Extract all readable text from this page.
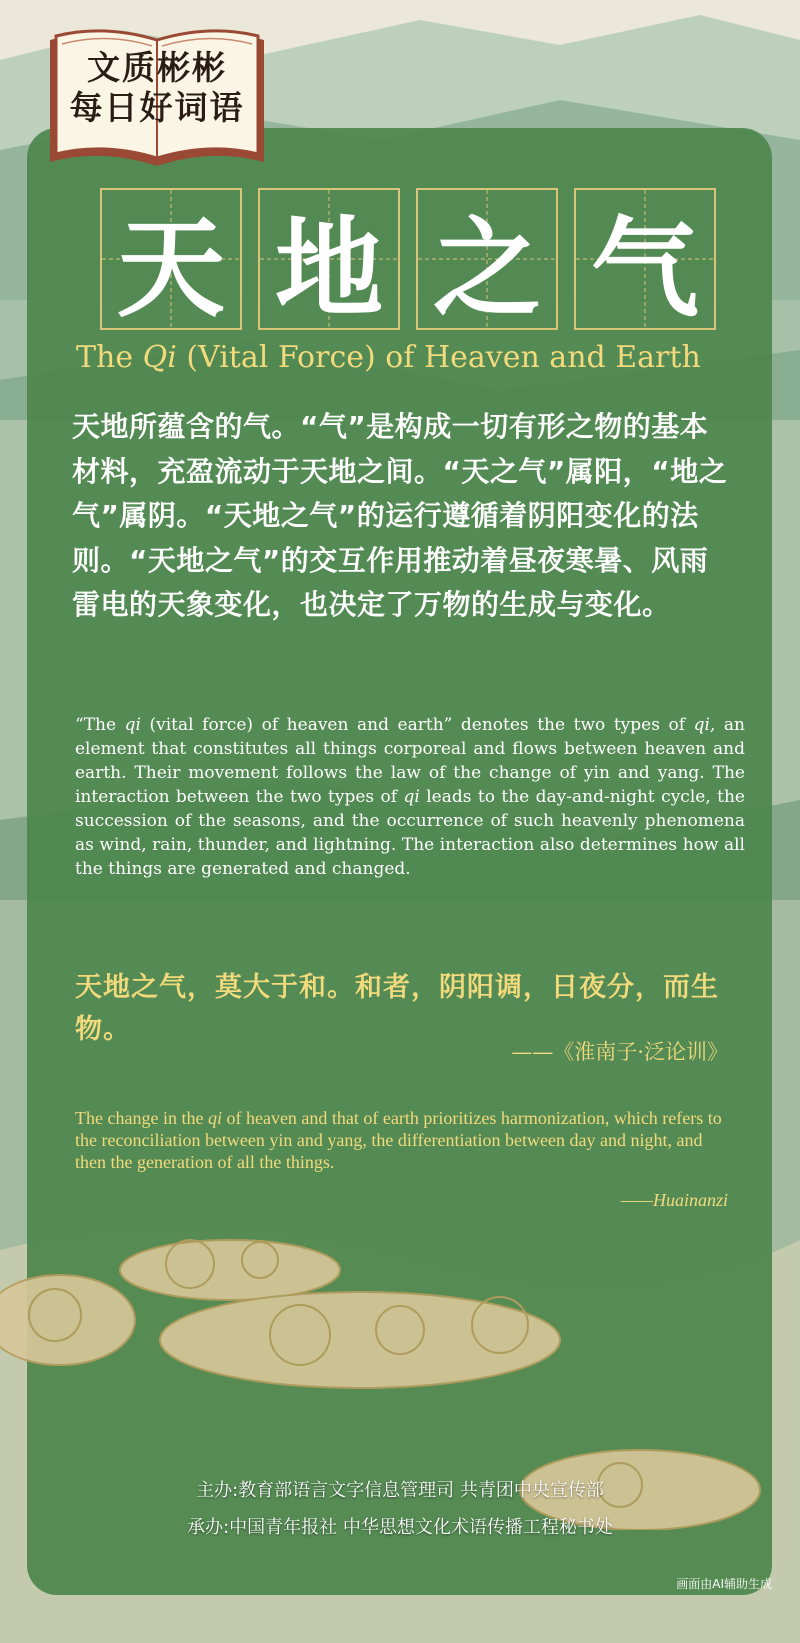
文质彬彬
每日好词语
天 地 之 气
The Qi (Vital Force) of Heaven and Earth

天地所蕴含的气。“气”是构成一切有形之物的基本材料，充盈流动于天地之间。“天之气”属阳，“地之气”属阴。“天地之气”的运行遵循着阴阳变化的法则。“天地之气”的交互作用推动着昼夜寒暑、风雨雷电的天象变化，也决定了万物的生成与变化。

“The qi (vital force) of heaven and earth” denotes the two types of qi, an element that constitutes all things corporeal and flows between heaven and earth. Their movement follows the law of the change of yin and yang. The interaction between the two types of qi leads to the day-and-night cycle, the succession of the seasons, and the occurrence of such heavenly phenomena as wind, rain, thunder, and lightning. The interaction also determines how all the things are generated and changed.

天地之气，莫大于和。和者，阴阳调，日夜分，而生物。

——《淮南子·泛论训》

The change in the qi of heaven and that of earth prioritizes harmonization, which refers to the reconciliation between yin and yang, the differentiation between day and night, and then the generation of all the things.

——Huainanzi
主办:教育部语言文字信息管理司 共青团中央宣传部
承办:中国青年报社 中华思想文化术语传播工程秘书处
画面由AI辅助生成
